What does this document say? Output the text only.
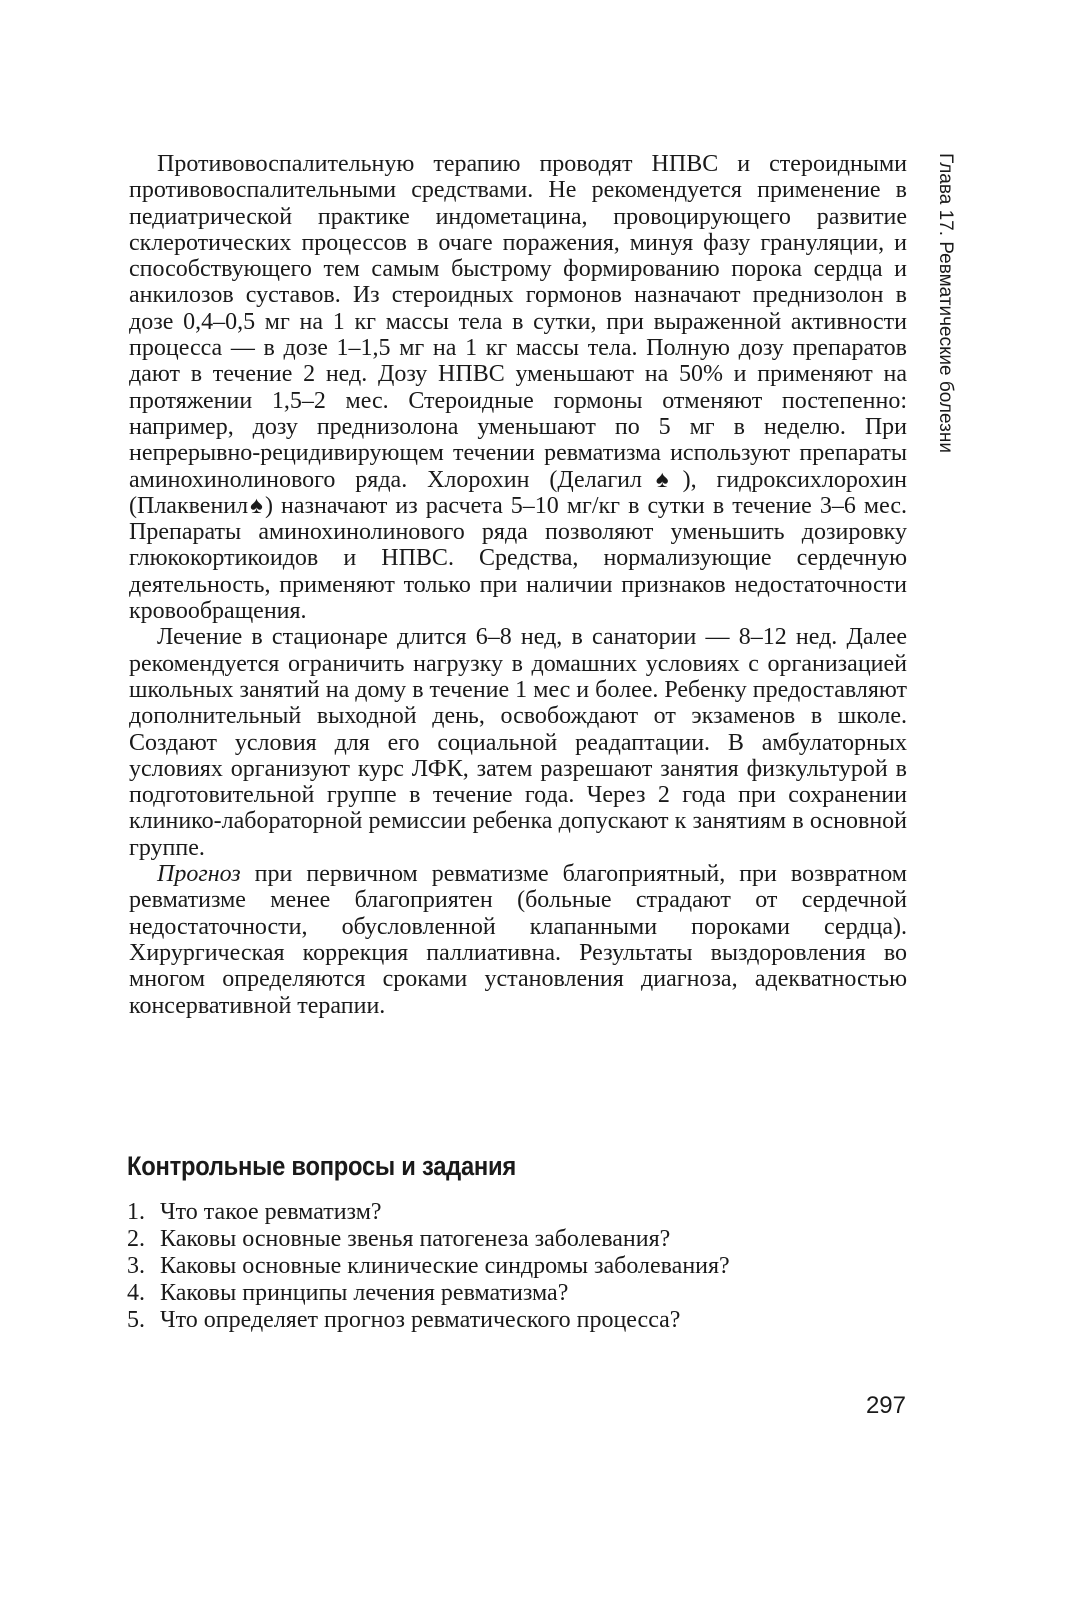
Глава 17. Ревматические болезни

Противовоспалительную терапию проводят НПВС и стероидными противовоспалительными средствами. Не рекомендуется применение в педиатрической практике индометацина, провоцирующего развитие склеротических процессов в очаге поражения, минуя фазу грануляции, и способствующего тем самым быстрому формированию порока сердца и анкилозов суставов. Из стероидных гормонов назначают преднизолон в дозе 0,4–0,5 мг на 1 кг массы тела в сутки, при выраженной активности процесса — в дозе 1–1,5 мг на 1 кг массы тела. Полную дозу препаратов дают в течение 2 нед. Дозу НПВС уменьшают на 50% и применяют на протяжении 1,5–2 мес. Стероидные гормоны отменяют постепенно: например, дозу преднизолона уменьшают по 5 мг в неделю. При непрерывно-рецидивирующем течении ревматизма используют препараты аминохинолинового ряда. Хлорохин (Делагил♠), гидроксихлорохин (Плаквенил♠) назначают из расчета 5–10 мг/кг в сутки в течение 3–6 мес. Препараты аминохинолинового ряда позволяют уменьшить дозировку глюкокортикоидов и НПВС. Средства, нормализующие сердечную деятельность, применяют только при наличии признаков недостаточности кровообращения.

Лечение в стационаре длится 6–8 нед, в санатории — 8–12 нед. Далее рекомендуется ограничить нагрузку в домашних условиях с организацией школьных занятий на дому в течение 1 мес и более. Ребенку предоставляют дополнительный выходной день, освобождают от экзаменов в школе. Создают условия для его социальной реадаптации. В амбулаторных условиях организуют курс ЛФК, затем разрешают занятия физкультурой в подготовительной группе в течение года. Через 2 года при сохранении клинико-лабораторной ремиссии ребенка допускают к занятиям в основной группе.

Прогноз при первичном ревматизме благоприятный, при возвратном ревматизме менее благоприятен (больные страдают от сердечной недостаточности, обусловленной клапанными пороками сердца). Хирургическая коррекция паллиативна. Результаты выздоровления во многом определяются сроками установления диагноза, адекватностью консервативной терапии.

Контрольные вопросы и задания
1. Что такое ревматизм?
2. Каковы основные звенья патогенеза заболевания?
3. Каковы основные клинические синдромы заболевания?
4. Каковы принципы лечения ревматизма?
5. Что определяет прогноз ревматического процесса?
297
